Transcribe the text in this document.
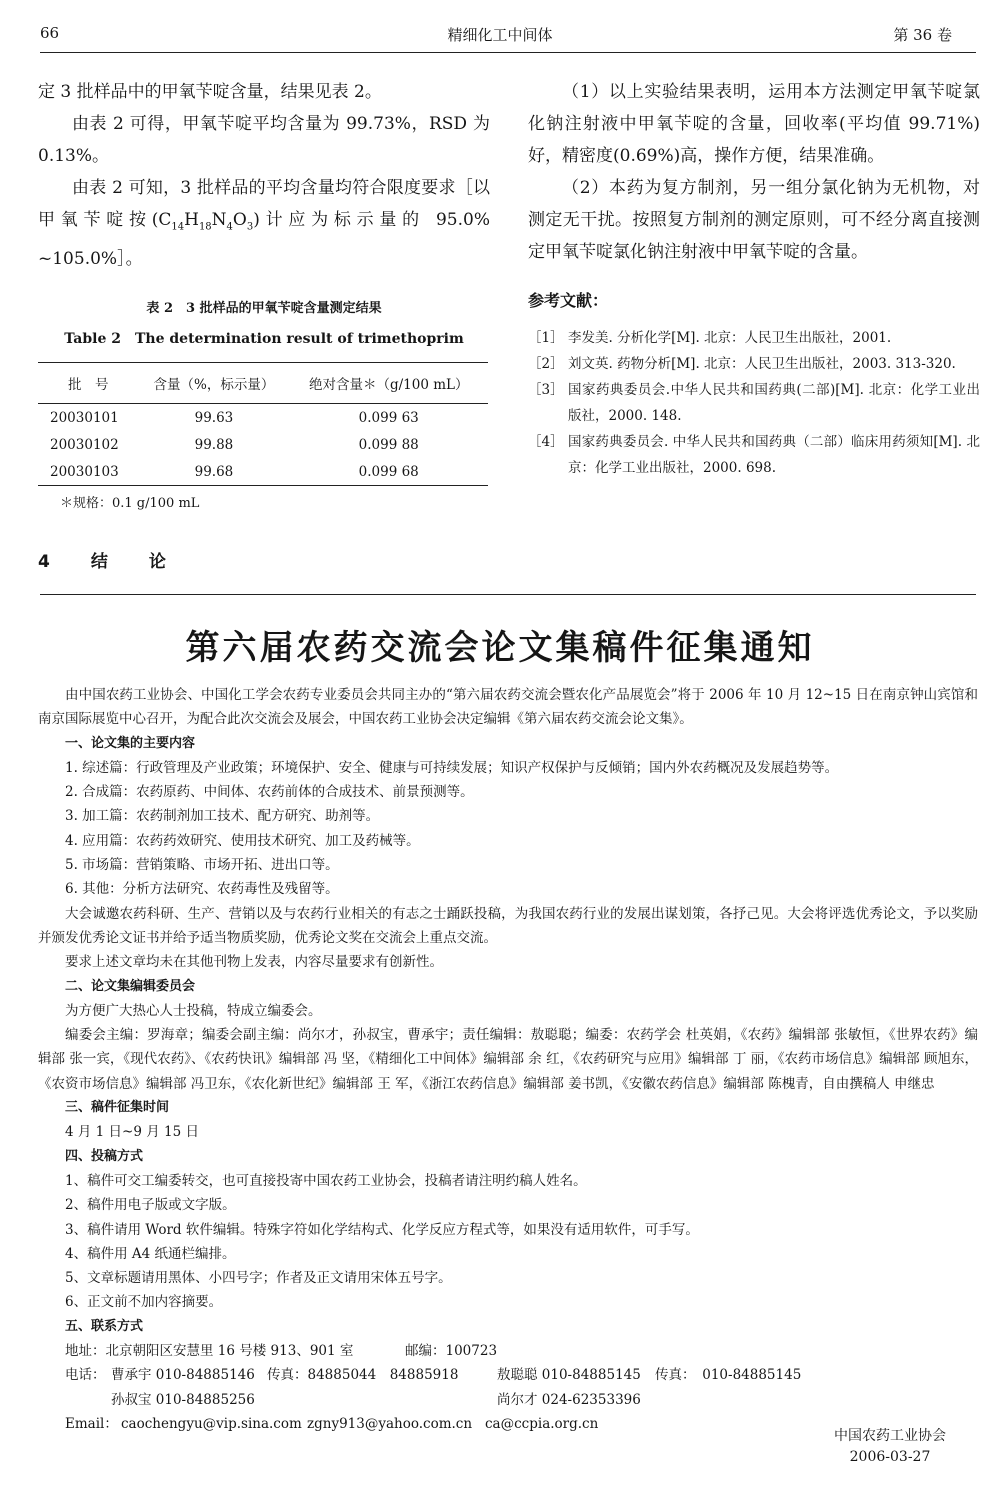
66	精细化工中间体	第 36 卷

定 3 批样品中的甲氧苄啶含量，结果见表 2。

由表 2 可得，甲氧苄啶平均含量为 99.73%，RSD 为 0.13%。

由表 2 可知，3 批样品的平均含量均符合限度要求［以甲氧苄啶按$(C_{14}H_{18}N_4O_3)$计应为标示量的 95.0% ~105.0%］。

表 2　3 批样品的甲氧苄啶含量测定结果

Table 2　The determination result of trimethoprim

批　号	含量（%，标示量）	绝对含量＊（g/100 mL）
20030101	99.63	0.099 63
20030102	99.88	0.099 88
20030103	99.68	0.099 68

＊规格：0.1 g/100 mL

4　结　论

（1）以上实验结果表明，运用本方法测定甲氧苄啶氯化钠注射液中甲氧苄啶的含量，回收率(平均值 99.71%)好，精密度(0.69%)高，操作方便，结果准确。

（2）本药为复方制剂，另一组分氯化钠为无机物，对测定无干扰。按照复方制剂的测定原则，可不经分离直接测定甲氧苄啶氯化钠注射液中甲氧苄啶的含量。

参考文献：

［1］ 李发美. 分析化学[M]. 北京：人民卫生出版社，2001.
［2］ 刘文英. 药物分析[M]. 北京：人民卫生出版社，2003. 313-320.
［3］ 国家药典委员会.中华人民共和国药典(二部)[M]. 北京：化学工业出版社，2000. 148.
［4］ 国家药典委员会. 中华人民共和国药典（二部）临床用药须知[M]. 北京：化学工业出版社，2000. 698.
第六届农药交流会论文集稿件征集通知

由中国农药工业协会、中国化工学会农药专业委员会共同主办的“第六届农药交流会暨农化产品展览会”将于 2006 年 10 月 12~15 日在南京钟山宾馆和南京国际展览中心召开，为配合此次交流会及展会，中国农药工业协会决定编辑《第六届农药交流会论文集》。

一、论文集的主要内容

1. 综述篇：行政管理及产业政策；环境保护、安全、健康与可持续发展；知识产权保护与反倾销；国内外农药概况及发展趋势等。

2. 合成篇：农药原药、中间体、农药前体的合成技术、前景预测等。

3. 加工篇：农药制剂加工技术、配方研究、助剂等。

4. 应用篇：农药药效研究、使用技术研究、加工及药械等。

5. 市场篇：营销策略、市场开拓、进出口等。

6. 其他：分析方法研究、农药毒性及残留等。

大会诚邀农药科研、生产、营销以及与农药行业相关的有志之士踊跃投稿，为我国农药行业的发展出谋划策，各抒己见。大会将评选优秀论文，予以奖励并颁发优秀论文证书并给予适当物质奖励，优秀论文奖在交流会上重点交流。

要求上述文章均未在其他刊物上发表，内容尽量要求有创新性。

二、论文集编辑委员会

为方便广大热心人士投稿，特成立编委会。

编委会主编：罗海章；编委会副主编：尚尔才，孙叔宝，曹承宇；责任编辑：敖聪聪；编委：农药学会 杜英娟，《农药》编辑部 张敏恒，《世界农药》编辑部 张一宾，《现代农药》、《农药快讯》编辑部 冯 坚，《精细化工中间体》编辑部 余 红，《农药研究与应用》编辑部 丁 丽，《农药市场信息》编辑部 顾旭东，《农资市场信息》编辑部 冯卫东，《农化新世纪》编辑部 王 军，《浙江农药信息》编辑部 姜书凯，《安徽农药信息》编辑部 陈槐青，自由撰稿人 申继忠

三、稿件征集时间

4 月 1 日~9 月 15 日

四、投稿方式

1、稿件可交工编委转交，也可直接投寄中国农药工业协会，投稿者请注明约稿人姓名。

2、稿件用电子版或文字版。

3、稿件请用 Word 软件编辑。特殊字符如化学结构式、化学反应方程式等，如果没有适用软件，可手写。

4、稿件用 A4 纸通栏编排。

5、文章标题请用黑体、小四号字；作者及正文请用宋体五号字。

6、正文前不加内容摘要。

五、联系方式

地址：北京朝阳区安慧里 16 号楼 913、901 室	邮编：100723
电话： 曹承宇 010-84885146 传真：84885044　84885918	敖聪聪 010-84885145	传真：　010-84885145
孙叔宝 010-84885256	尚尔才 024-62353396
Email： caochengyu@vip.sina.com zgny913@yahoo.com.cn ca@ccpia.org.cn
中国农药工业协会
2006-03-27
